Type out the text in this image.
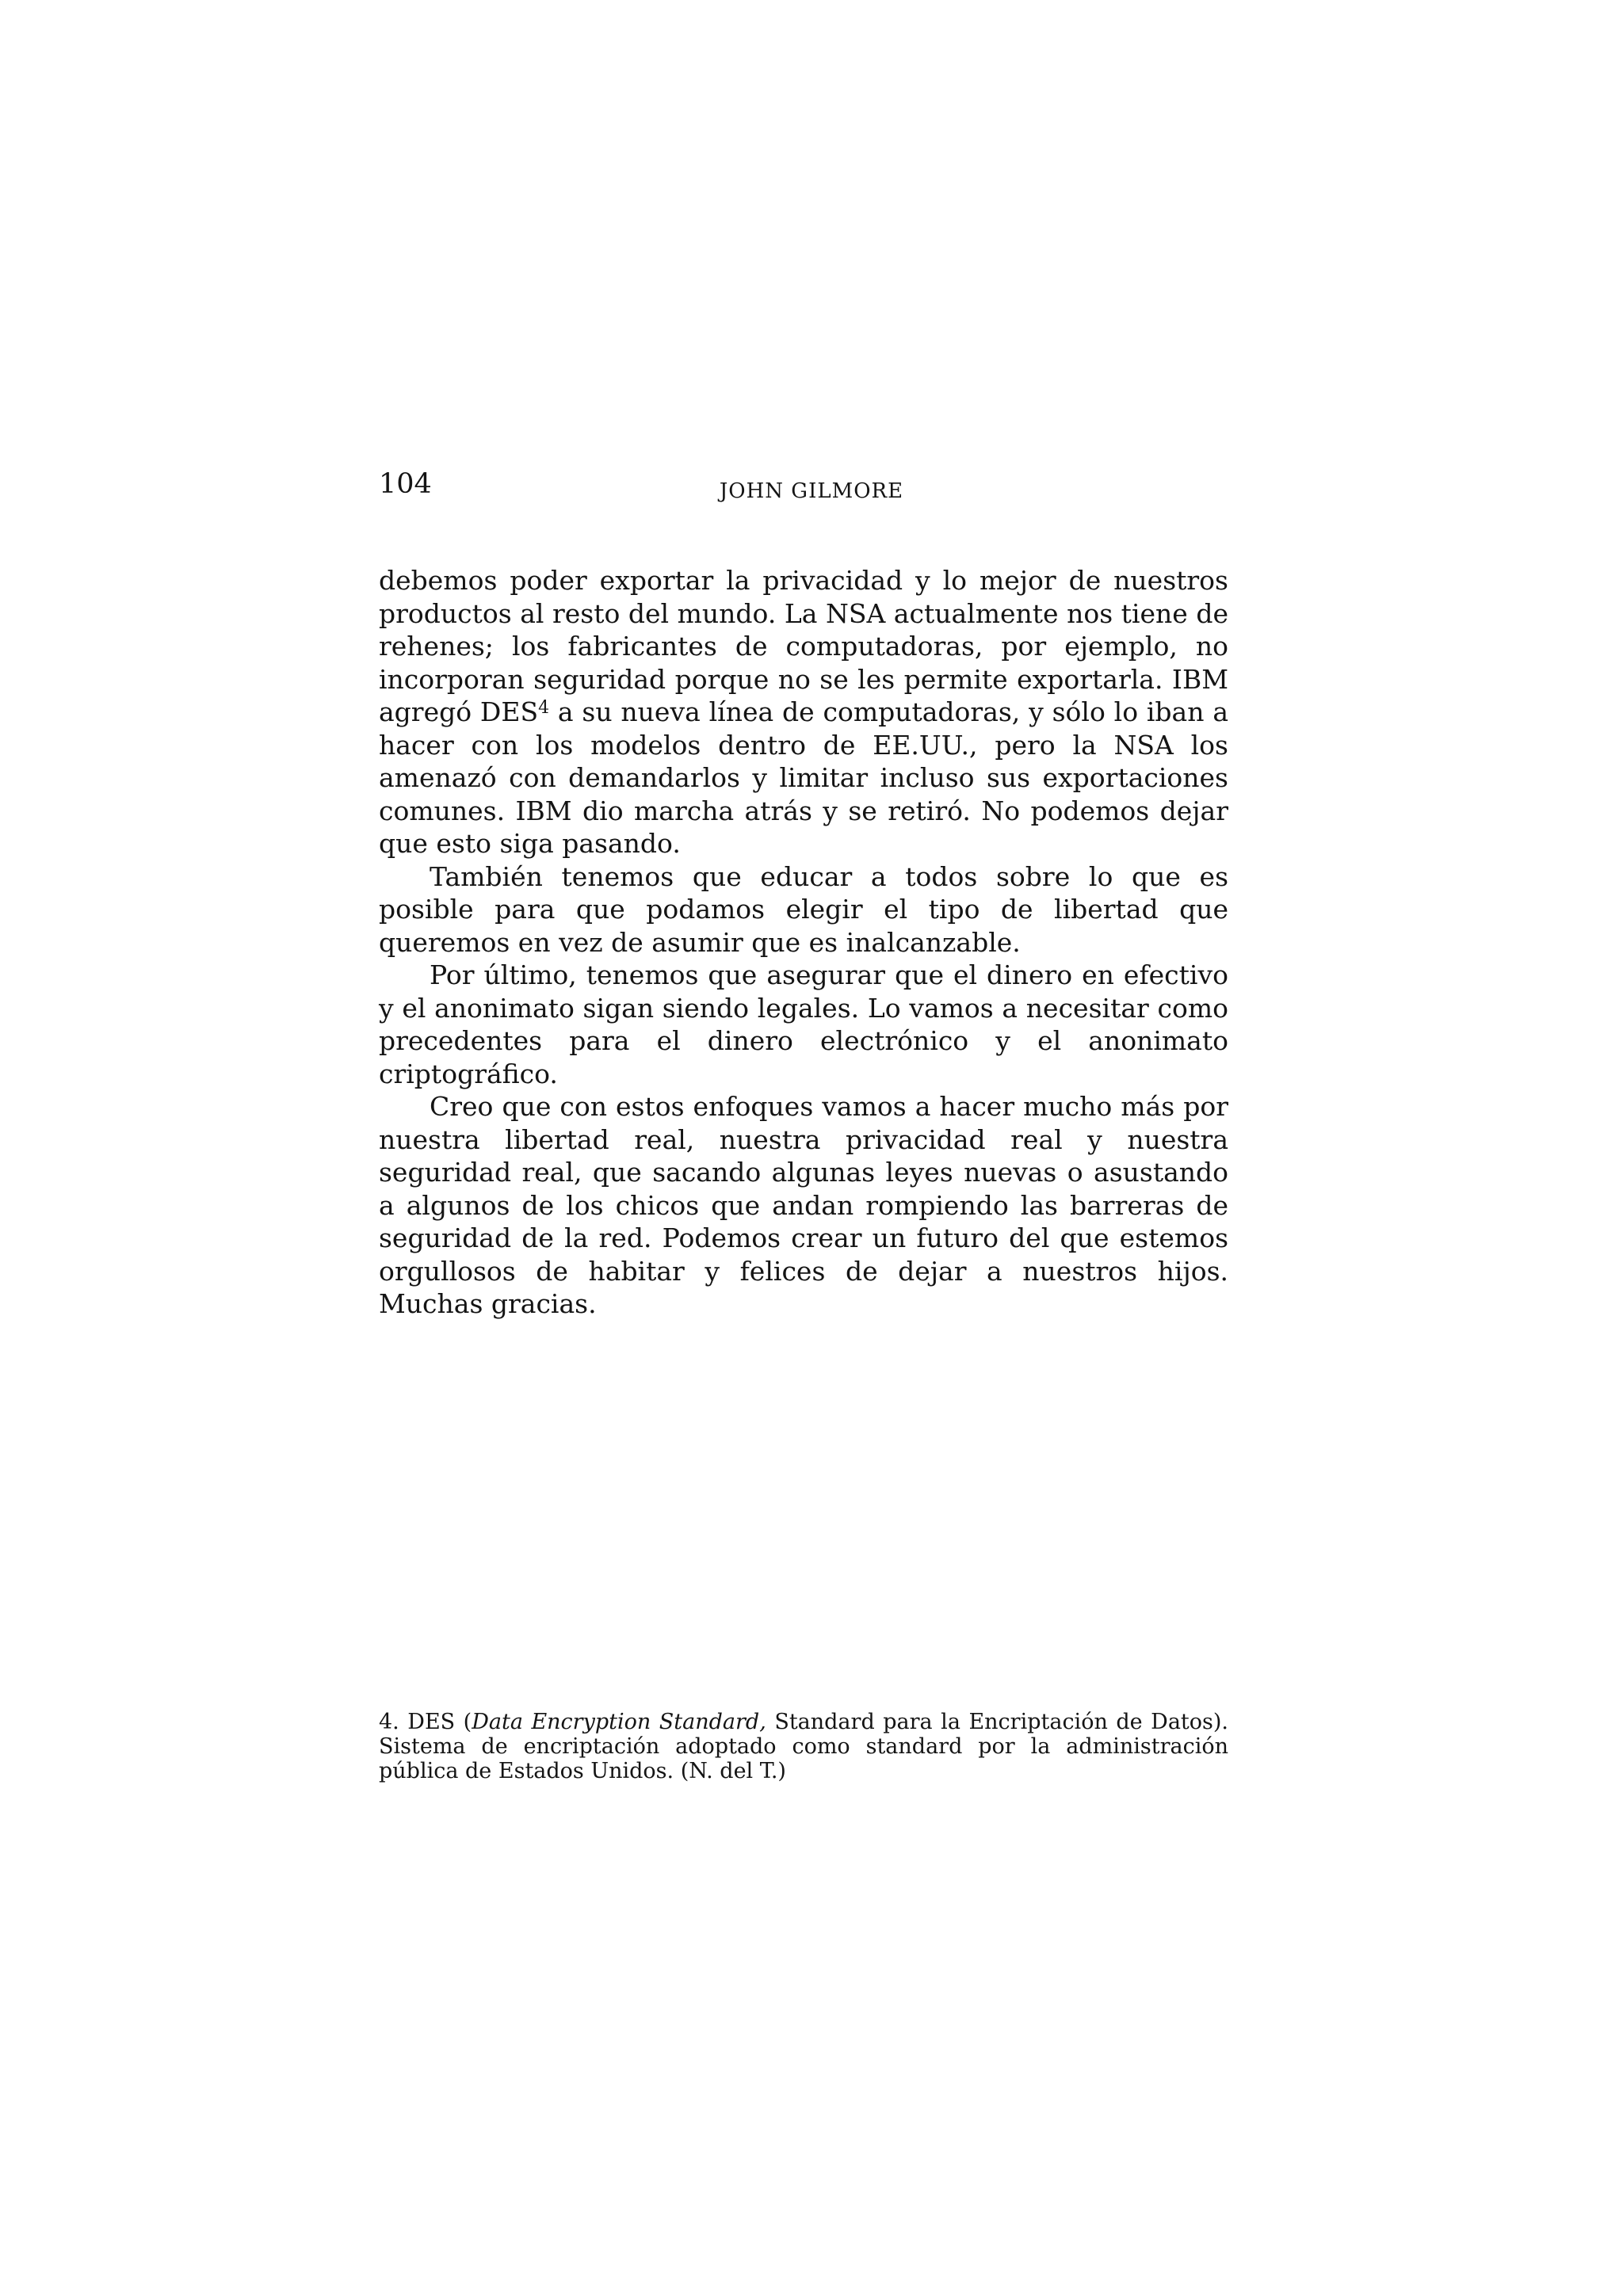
104	JOHN GILMORE

debemos poder exportar la privacidad y lo mejor de nuestros productos al resto del mundo. La NSA actualmente nos tiene de rehenes; los fabricantes de computadoras, por ejemplo, no incorporan seguridad porque no se les permite exportarla. IBM agregó DES$^4$ a su nueva línea de computadoras, y sólo lo iban a hacer con los modelos dentro de EE.UU., pero la NSA los amenazó con demandarlos y limitar incluso sus exportaciones comunes. IBM dio marcha atrás y se retiró. No podemos dejar que esto siga pasando.

También tenemos que educar a todos sobre lo que es posible para que podamos elegir el tipo de libertad que queremos en vez de asumir que es inalcanzable.

Por último, tenemos que asegurar que el dinero en efectivo y el anonimato sigan siendo legales. Lo vamos a necesitar como precedentes para el dinero electrónico y el anonimato criptográfico.

Creo que con estos enfoques vamos a hacer mucho más por nuestra libertad real, nuestra privacidad real y nuestra seguridad real, que sacando algunas leyes nuevas o asustando a algunos de los chicos que andan rompiendo las barreras de seguridad de la red. Podemos crear un futuro del que estemos orgullosos de habitar y felices de dejar a nuestros hijos. Muchas gracias.

4. DES (Data Encryption Standard, Standard para la Encriptación de Datos). Sistema de encriptación adoptado como standard por la administración pública de Estados Unidos. (N. del T.)
